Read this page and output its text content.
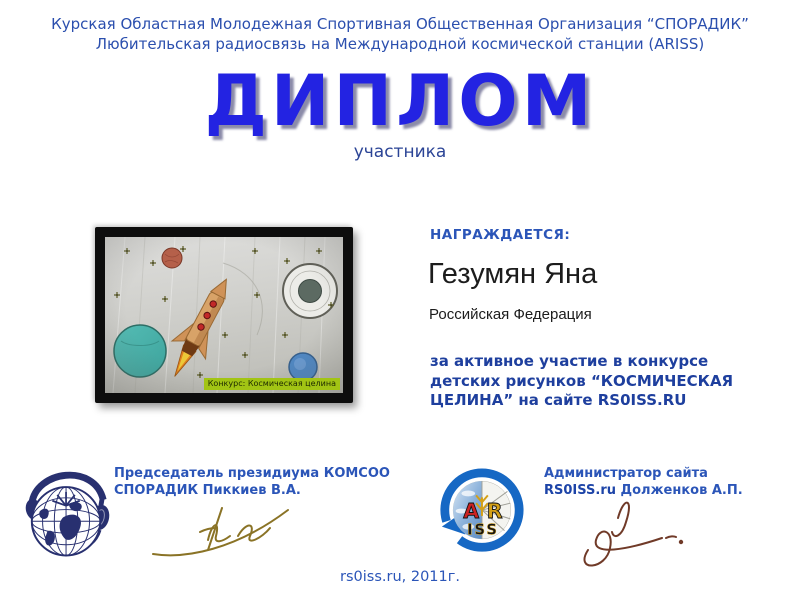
Курская Областная Молодежная Спортивная Общественная Организация “СПОРАДИК”
Любительская радиосвязь на Международной космической станции (ARISS)
ДИПЛОМ
участника
Конкурс: Космическая целина
НАГРАЖДАЕТСЯ:
Гезумян Яна
Российская Федерация
за активное участие в конкурсе детских рисунков “КОСМИЧЕСКАЯ ЦЕЛИНА” на сайте RS0ISS.RU
Председатель президиума КОМСОО
СПОРАДИК Пиккиев В.А.
A R
ISS
Администратор сайта
RS0ISS.ru Долженков А.П.
rs0iss.ru, 2011г.
